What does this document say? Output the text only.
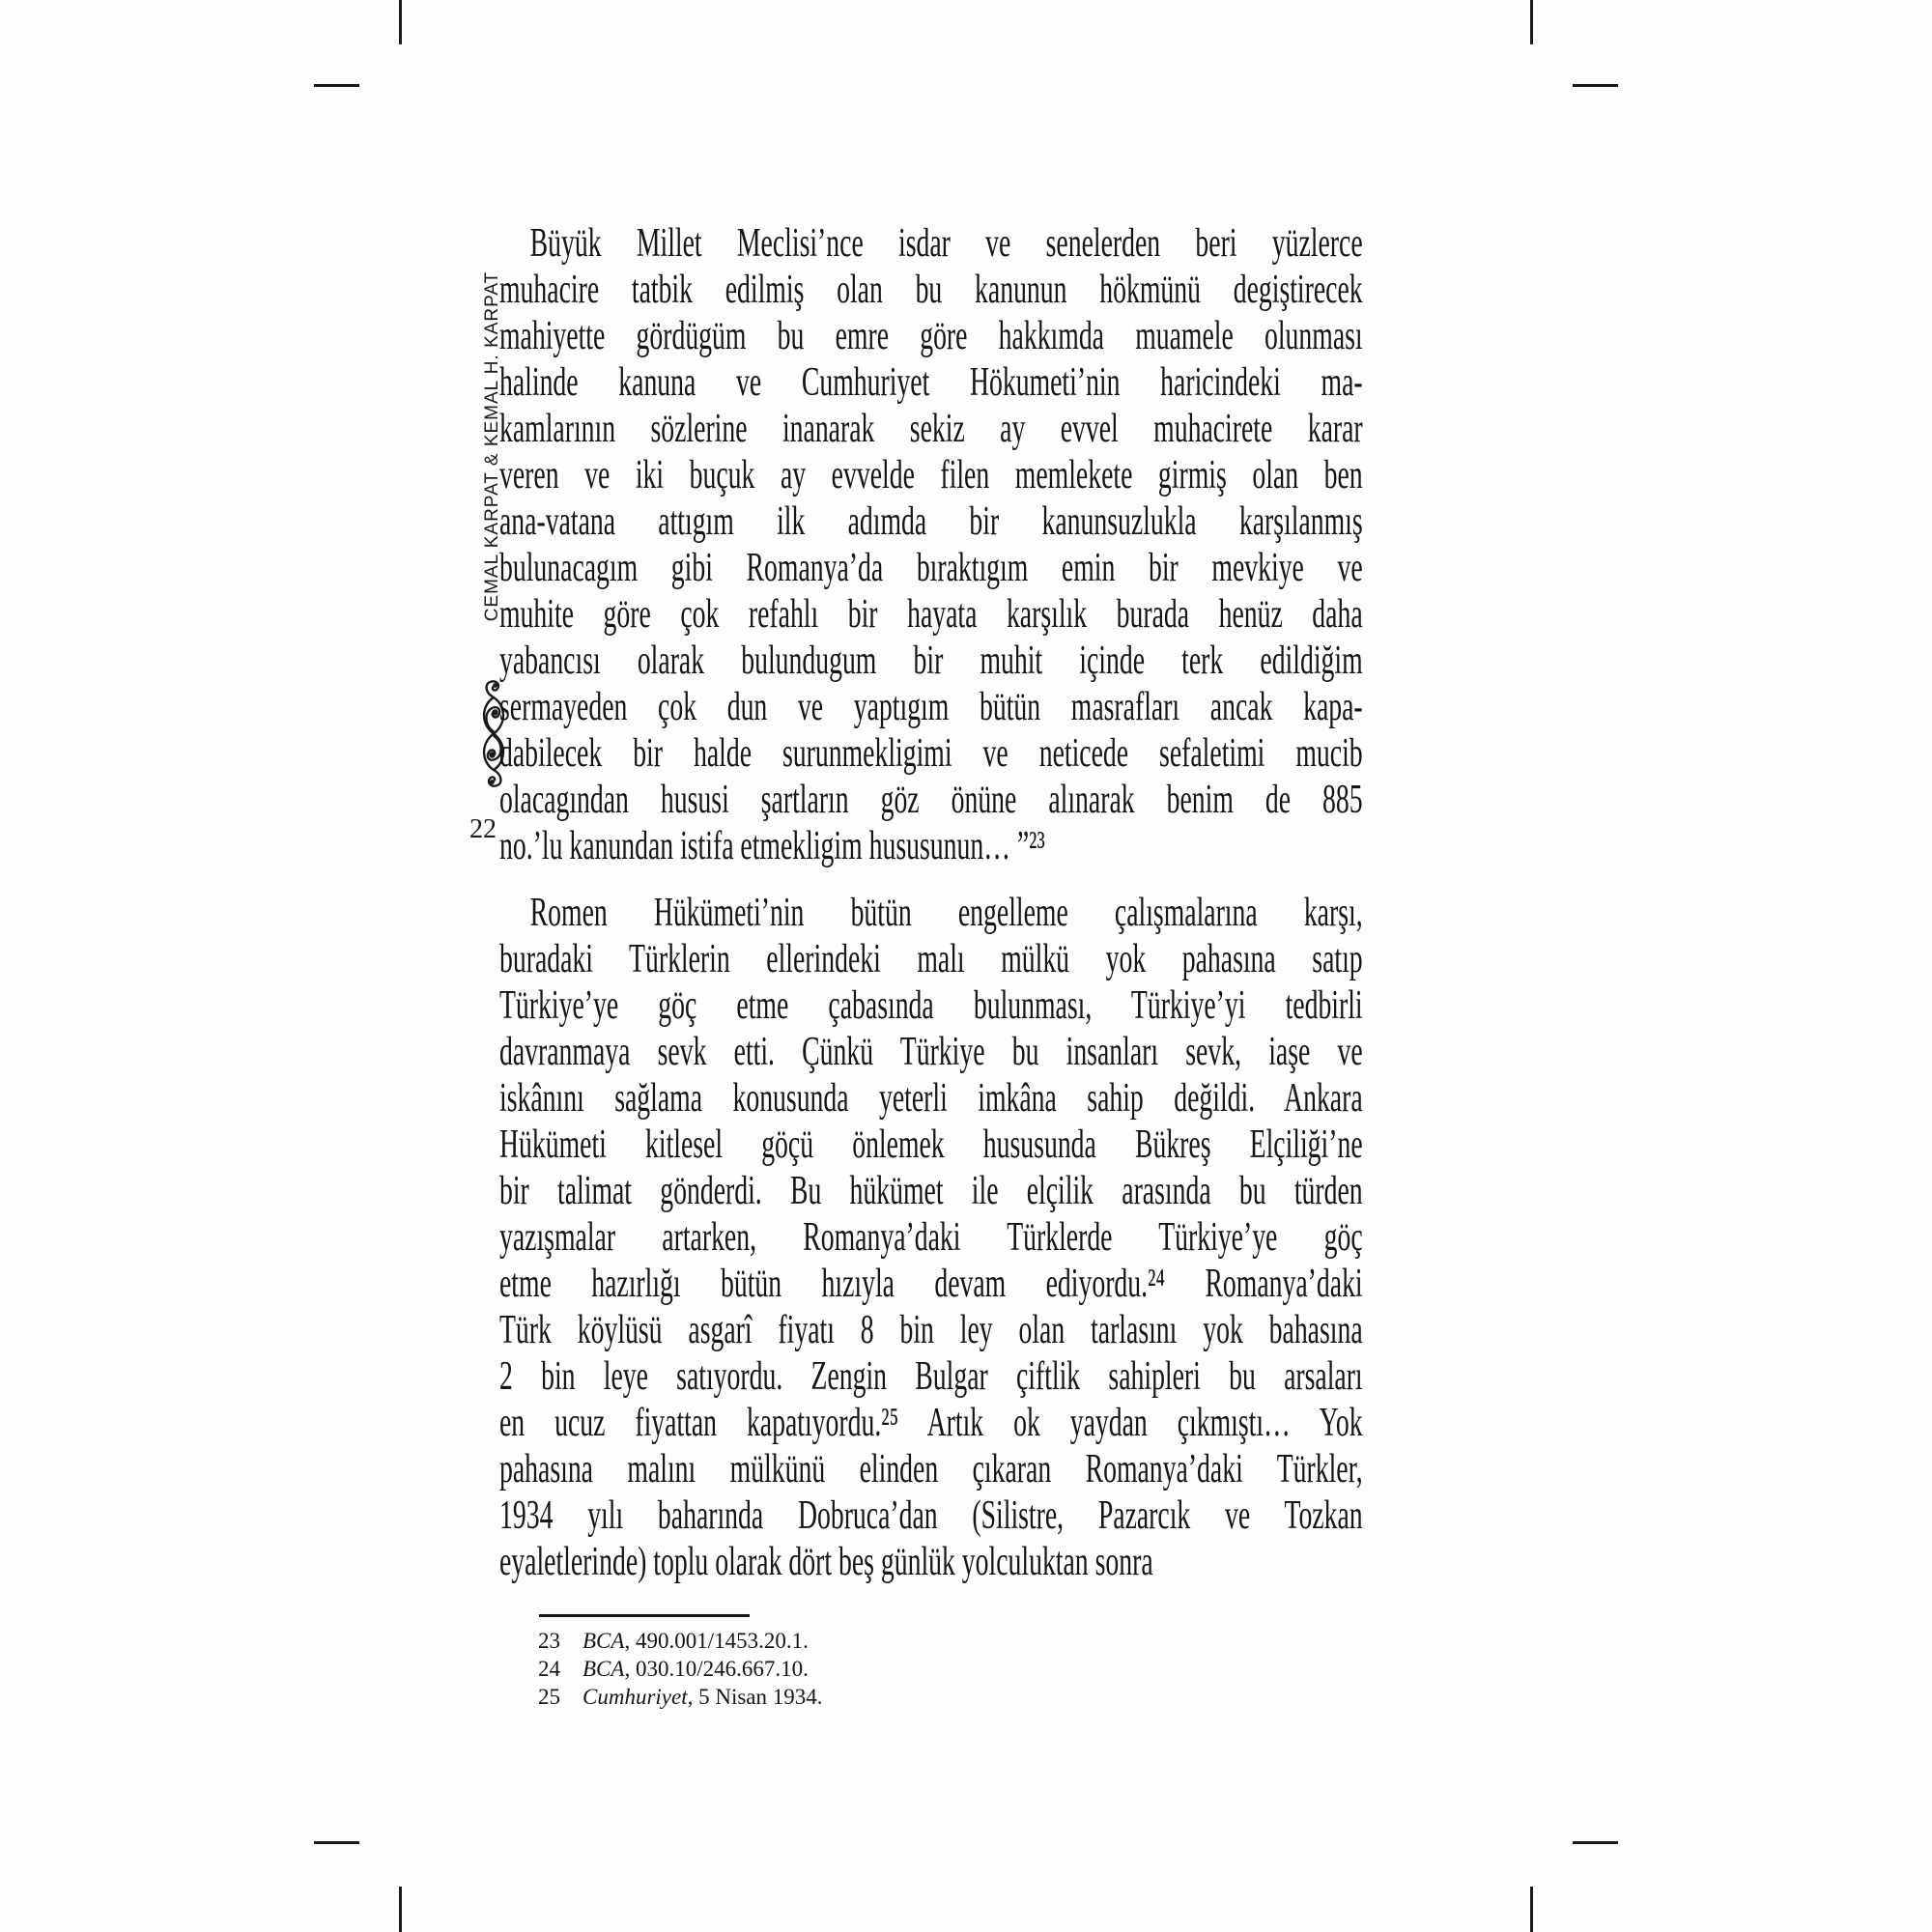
CEMAL KARPAT & KEMAL H. KARPAT
22
Büyük Millet Meclisi’nce isdar ve senelerden beri yüzlerce
muhacire tatbik edilmiş olan bu kanunun hökmünü degiştirecek
mahiyette gördügüm bu emre göre hakkımda muamele olunması
halinde kanuna ve Cumhuriyet Hökumeti’nin haricindeki ma-
kamlarının sözlerine inanarak sekiz ay evvel muhacirete karar
veren ve iki buçuk ay evvelde filen memlekete girmiş olan ben
ana-vatana attıgım ilk adımda bir kanunsuzlukla karşılanmış
bulunacagım gibi Romanya’da bıraktıgım emin bir mevkiye ve
muhite göre çok refahlı bir hayata karşılık burada henüz daha
yabancısı olarak bulundugum bir muhit içinde terk edildiğim
sermayeden çok dun ve yaptıgım bütün masrafları ancak kapa-
dabilecek bir halde surunmekligimi ve neticede sefaletimi mucib
olacagından hususi şartların göz önüne alınarak benim de 885
no.’lu kanundan istifa etmekligim hususunun… ”²³
Romen Hükümeti’nin bütün engelleme çalışmalarına karşı,
buradaki Türklerin ellerindeki malı mülkü yok pahasına satıp
Türkiye’ye göç etme çabasında bulunması, Türkiye’yi tedbirli
davranmaya sevk etti. Çünkü Türkiye bu insanları sevk, iaşe ve
iskânını sağlama konusunda yeterli imkâna sahip değildi. Ankara
Hükümeti kitlesel göçü önlemek hususunda Bükreş Elçiliği’ne
bir talimat gönderdi. Bu hükümet ile elçilik arasında bu türden
yazışmalar artarken, Romanya’daki Türklerde Türkiye’ye göç
etme hazırlığı bütün hızıyla devam ediyordu.²⁴ Romanya’daki
Türk köylüsü asgarî fiyatı 8 bin ley olan tarlasını yok bahasına
2 bin leye satıyordu. Zengin Bulgar çiftlik sahipleri bu arsaları
en ucuz fiyattan kapatıyordu.²⁵ Artık ok yaydan çıkmıştı… Yok
pahasına malını mülkünü elinden çıkaran Romanya’daki Türkler,
1934 yılı baharında Dobruca’dan (Silistre, Pazarcık ve Tozkan
eyaletlerinde) toplu olarak dört beş günlük yolculuktan sonra
23 BCA, 490.001/1453.20.1.
24 BCA, 030.10/246.667.10.
25 Cumhuriyet, 5 Nisan 1934.
